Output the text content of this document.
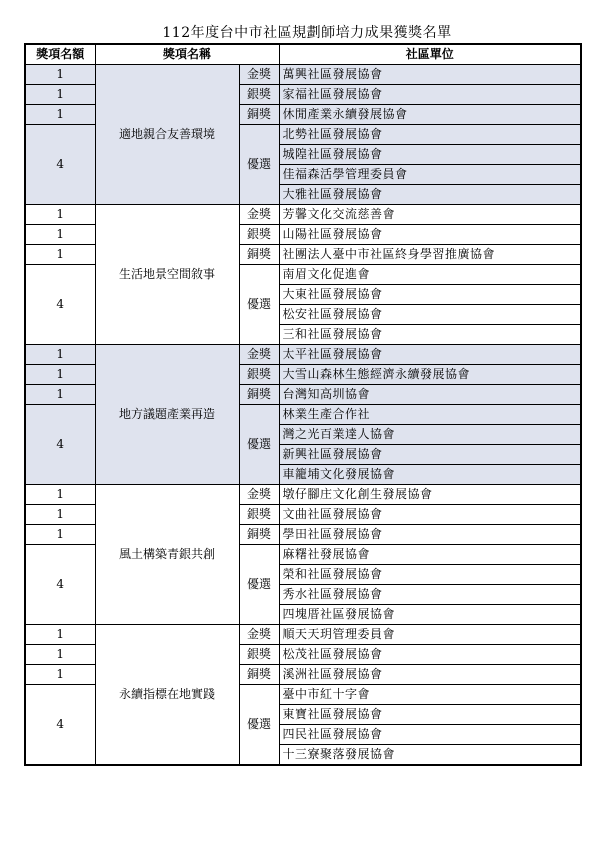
112年度台中市社區規劃師培力成果獲獎名單
獎項名額	獎項名稱		社區單位
1	適地親合友善環境	金獎	萬興社區發展協會
1		銀獎	家福社區發展協會
1		銅獎	休閒產業永續發展協會
4		優選	北勢社區發展協會
			城隍社區發展協會
			佳福森活學管理委員會
			大雅社區發展協會
1	生活地景空間敘事	金獎	芳馨文化交流慈善會
1		銀獎	山陽社區發展協會
1		銅獎	社團法人臺中市社區終身學習推廣協會
4		優選	南眉文化促進會
			大東社區發展協會
			松安社區發展協會
			三和社區發展協會
1	地方議題產業再造	金獎	太平社區發展協會
1		銀獎	大雪山森林生態經濟永續發展協會
1		銅獎	台灣知高圳協會
4		優選	林業生產合作社
			灣之光百業達人協會
			新興社區發展協會
			車籠埔文化發展協會
1	風土構築青銀共創	金獎	墩仔腳庄文化創生發展協會
1		銀獎	文曲社區發展協會
1		銅獎	學田社區發展協會
4		優選	麻糬社發展協會
			榮和社區發展協會
			秀水社區發展協會
			四塊厝社區發展協會
1	永續指標在地實踐	金獎	順天天玥管理委員會
1		銀獎	松茂社區發展協會
1		銅獎	溪洲社區發展協會
4		優選	臺中市紅十字會
			東寶社區發展協會
			四民社區發展協會
			十三寮聚落發展協會
